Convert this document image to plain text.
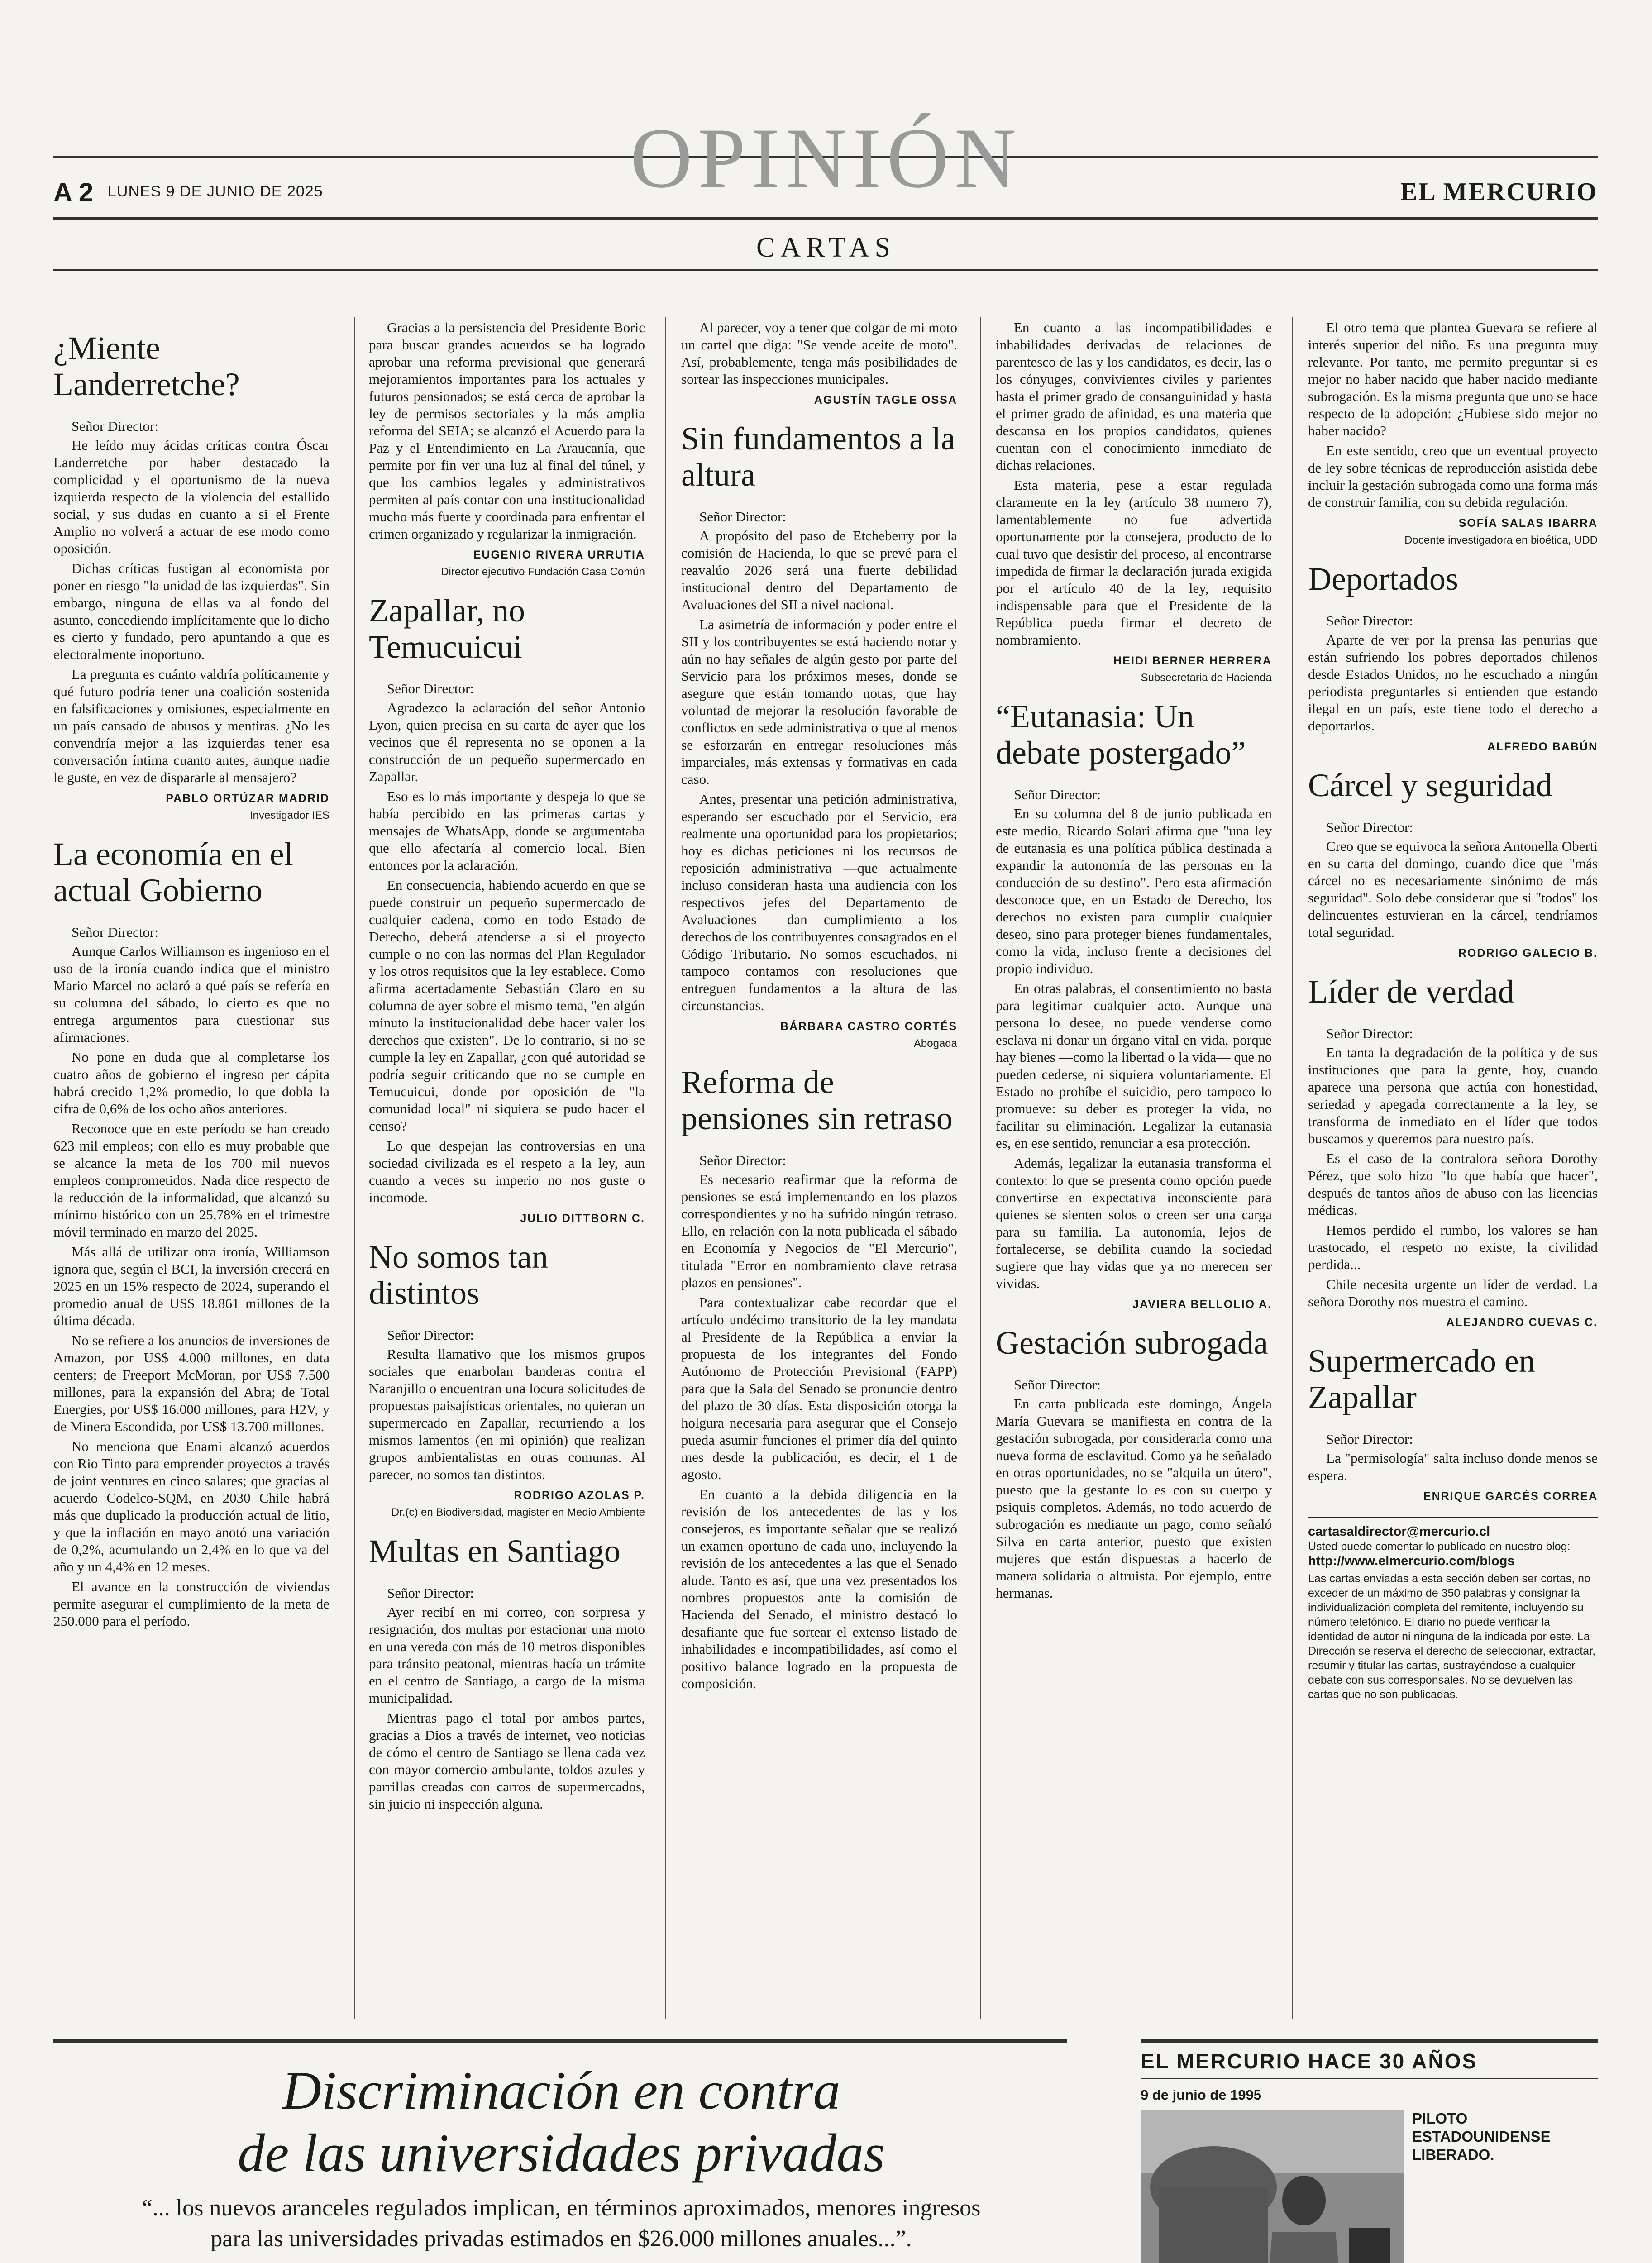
OPINIÓN
A 2 LUNES 9 DE JUNIO DE 2025	EL MERCURIO
CARTAS
¿Miente Landerretche?

Señor Director:

He leído muy ácidas críticas contra Óscar Landerretche por haber destacado la complicidad y el oportunismo de la nueva izquierda respecto de la violencia del estallido social, y sus dudas en cuanto a si el Frente Amplio no volverá a actuar de ese modo como oposición.

Dichas críticas fustigan al economista por poner en riesgo "la unidad de las izquierdas". Sin embargo, ninguna de ellas va al fondo del asunto, concediendo implícitamente que lo dicho es cierto y fundado, pero apuntando a que es electoralmente inoportuno.

La pregunta es cuánto valdría políticamente y qué futuro podría tener una coalición sostenida en falsificaciones y omisiones, especialmente en un país cansado de abusos y mentiras. ¿No les convendría mejor a las izquierdas tener esa conversación íntima cuanto antes, aunque nadie le guste, en vez de dispararle al mensajero?

PABLO ORTÚZAR MADRID
Investigador IES
La economía en el actual Gobierno

Señor Director:

Aunque Carlos Williamson es ingenioso en el uso de la ironía cuando indica que el ministro Mario Marcel no aclaró a qué país se refería en su columna del sábado, lo cierto es que no entrega argumentos para cuestionar sus afirmaciones.

No pone en duda que al completarse los cuatro años de gobierno el ingreso per cápita habrá crecido 1,2% promedio, lo que dobla la cifra de 0,6% de los ocho años anteriores.

Reconoce que en este período se han creado 623 mil empleos; con ello es muy probable que se alcance la meta de los 700 mil nuevos empleos comprometidos. Nada dice respecto de la reducción de la informalidad, que alcanzó su mínimo histórico con un 25,78% en el trimestre móvil terminado en marzo del 2025.

Más allá de utilizar otra ironía, Williamson ignora que, según el BCI, la inversión crecerá en 2025 en un 15% respecto de 2024, superando el promedio anual de US$ 18.861 millones de la última década.

No se refiere a los anuncios de inversiones de Amazon, por US$ 4.000 millones, en data centers; de Freeport McMoran, por US$ 7.500 millones, para la expansión del Abra; de Total Energies, por US$ 16.000 millones, para H2V, y de Minera Escondida, por US$ 13.700 millones.

No menciona que Enami alcanzó acuerdos con Rio Tinto para emprender proyectos a través de joint ventures en cinco salares; que gracias al acuerdo Codelco-SQM, en 2030 Chile habrá más que duplicado la producción actual de litio, y que la inflación en mayo anotó una variación de 0,2%, acumulando un 2,4% en lo que va del año y un 4,4% en 12 meses.

El avance en la construcción de viviendas permite asegurar el cumplimiento de la meta de 250.000 para el período.

Gracias a la persistencia del Presidente Boric para buscar grandes acuerdos se ha logrado aprobar una reforma previsional que generará mejoramientos importantes para los actuales y futuros pensionados; se está cerca de aprobar la ley de permisos sectoriales y la más amplia reforma del SEIA; se alcanzó el Acuerdo para la Paz y el Entendimiento en La Araucanía, que permite por fin ver una luz al final del túnel, y que los cambios legales y administrativos permiten al país contar con una institucionalidad mucho más fuerte y coordinada para enfrentar el crimen organizado y regularizar la inmigración.

EUGENIO RIVERA URRUTIA
Director ejecutivo Fundación Casa Común
Zapallar, no Temucuicui

Señor Director:

Agradezco la aclaración del señor Antonio Lyon, quien precisa en su carta de ayer que los vecinos que él representa no se oponen a la construcción de un pequeño supermercado en Zapallar.

Eso es lo más importante y despeja lo que se había percibido en las primeras cartas y mensajes de WhatsApp, donde se argumentaba que ello afectaría al comercio local. Bien entonces por la aclaración.

En consecuencia, habiendo acuerdo en que se puede construir un pequeño supermercado de cualquier cadena, como en todo Estado de Derecho, deberá atenderse a si el proyecto cumple o no con las normas del Plan Regulador y los otros requisitos que la ley establece. Como afirma acertadamente Sebastián Claro en su columna de ayer sobre el mismo tema, "en algún minuto la institucionalidad debe hacer valer los derechos que existen". De lo contrario, si no se cumple la ley en Zapallar, ¿con qué autoridad se podría seguir criticando que no se cumple en Temucuicui, donde por oposición de "la comunidad local" ni siquiera se pudo hacer el censo?

Lo que despejan las controversias en una sociedad civilizada es el respeto a la ley, aun cuando a veces su imperio no nos guste o incomode.

JULIO DITTBORN C.
No somos tan distintos

Señor Director:

Resulta llamativo que los mismos grupos sociales que enarbolan banderas contra el Naranjillo o encuentran una locura solicitudes de propuestas paisajísticas orientales, no quieran un supermercado en Zapallar, recurriendo a los mismos lamentos (en mi opinión) que realizan grupos ambientalistas en otras comunas. Al parecer, no somos tan distintos.

RODRIGO AZOLAS P.
Dr.(c) en Biodiversidad, magister en Medio Ambiente
Multas en Santiago

Señor Director:

Ayer recibí en mi correo, con sorpresa y resignación, dos multas por estacionar una moto en una vereda con más de 10 metros disponibles para tránsito peatonal, mientras hacía un trámite en el centro de Santiago, a cargo de la misma municipalidad.

Mientras pago el total por ambos partes, gracias a Dios a través de internet, veo noticias de cómo el centro de Santiago se llena cada vez con mayor comercio ambulante, toldos azules y parrillas creadas con carros de supermercados, sin juicio ni inspección alguna.

Al parecer, voy a tener que colgar de mi moto un cartel que diga: "Se vende aceite de moto". Así, probablemente, tenga más posibilidades de sortear las inspecciones municipales.

AGUSTÍN TAGLE OSSA
Sin fundamentos a la altura

Señor Director:

A propósito del paso de Etcheberry por la comisión de Hacienda, lo que se prevé para el reavalúo 2026 será una fuerte debilidad institucional dentro del Departamento de Avaluaciones del SII a nivel nacional.

La asimetría de información y poder entre el SII y los contribuyentes se está haciendo notar y aún no hay señales de algún gesto por parte del Servicio para los próximos meses, donde se asegure que están tomando notas, que hay voluntad de mejorar la resolución favorable de conflictos en sede administrativa o que al menos se esforzarán en entregar resoluciones más imparciales, más extensas y formativas en cada caso.

Antes, presentar una petición administrativa, esperando ser escuchado por el Servicio, era realmente una oportunidad para los propietarios; hoy es dichas peticiones ni los recursos de reposición administrativa —que actualmente incluso consideran hasta una audiencia con los respectivos jefes del Departamento de Avaluaciones— dan cumplimiento a los derechos de los contribuyentes consagrados en el Código Tributario. No somos escuchados, ni tampoco contamos con resoluciones que entreguen fundamentos a la altura de las circunstancias.

BÁRBARA CASTRO CORTÉS
Abogada
Reforma de pensiones sin retraso

Señor Director:

Es necesario reafirmar que la reforma de pensiones se está implementando en los plazos correspondientes y no ha sufrido ningún retraso. Ello, en relación con la nota publicada el sábado en Economía y Negocios de "El Mercurio", titulada "Error en nombramiento clave retrasa plazos en pensiones".

Para contextualizar cabe recordar que el artículo undécimo transitorio de la ley mandata al Presidente de la República a enviar la propuesta de los integrantes del Fondo Autónomo de Protección Previsional (FAPP) para que la Sala del Senado se pronuncie dentro del plazo de 30 días. Esta disposición otorga la holgura necesaria para asegurar que el Consejo pueda asumir funciones el primer día del quinto mes desde la publicación, es decir, el 1 de agosto.

En cuanto a la debida diligencia en la revisión de los antecedentes de las y los consejeros, es importante señalar que se realizó un examen oportuno de cada uno, incluyendo la revisión de los antecedentes a las que el Senado alude. Tanto es así, que una vez presentados los nombres propuestos ante la comisión de Hacienda del Senado, el ministro destacó lo desafiante que fue sortear el extenso listado de inhabilidades e incompatibilidades, así como el positivo balance logrado en la propuesta de composición.

En cuanto a las incompatibilidades e inhabilidades derivadas de relaciones de parentesco de las y los candidatos, es decir, las o los cónyuges, convivientes civiles y parientes hasta el primer grado de consanguinidad y hasta el primer grado de afinidad, es una materia que descansa en los propios candidatos, quienes cuentan con el conocimiento inmediato de dichas relaciones.

Esta materia, pese a estar regulada claramente en la ley (artículo 38 numero 7), lamentablemente no fue advertida oportunamente por la consejera, producto de lo cual tuvo que desistir del proceso, al encontrarse impedida de firmar la declaración jurada exigida por el artículo 40 de la ley, requisito indispensable para que el Presidente de la República pueda firmar el decreto de nombramiento.

HEIDI BERNER HERRERA
Subsecretaria de Hacienda
“Eutanasia: Un debate postergado”

Señor Director:

En su columna del 8 de junio publicada en este medio, Ricardo Solari afirma que "una ley de eutanasia es una política pública destinada a expandir la autonomía de las personas en la conducción de su destino". Pero esta afirmación desconoce que, en un Estado de Derecho, los derechos no existen para cumplir cualquier deseo, sino para proteger bienes fundamentales, como la vida, incluso frente a decisiones del propio individuo.

En otras palabras, el consentimiento no basta para legitimar cualquier acto. Aunque una persona lo desee, no puede venderse como esclava ni donar un órgano vital en vida, porque hay bienes —como la libertad o la vida— que no pueden cederse, ni siquiera voluntariamente. El Estado no prohíbe el suicidio, pero tampoco lo promueve: su deber es proteger la vida, no facilitar su eliminación. Legalizar la eutanasia es, en ese sentido, renunciar a esa protección.

Además, legalizar la eutanasia transforma el contexto: lo que se presenta como opción puede convertirse en expectativa inconsciente para quienes se sienten solos o creen ser una carga para su familia. La autonomía, lejos de fortalecerse, se debilita cuando la sociedad sugiere que hay vidas que ya no merecen ser vividas.

JAVIERA BELLOLIO A.
Gestación subrogada

Señor Director:

En carta publicada este domingo, Ángela María Guevara se manifiesta en contra de la gestación subrogada, por considerarla como una nueva forma de esclavitud. Como ya he señalado en otras oportunidades, no se "alquila un útero", puesto que la gestante lo es con su cuerpo y psiquis completos. Además, no todo acuerdo de subrogación es mediante un pago, como señaló Silva en carta anterior, puesto que existen mujeres que están dispuestas a hacerlo de manera solidaria o altruista. Por ejemplo, entre hermanas.

El otro tema que plantea Guevara se refiere al interés superior del niño. Es una pregunta muy relevante. Por tanto, me permito preguntar si es mejor no haber nacido que haber nacido mediante subrogación. Es la misma pregunta que uno se hace respecto de la adopción: ¿Hubiese sido mejor no haber nacido?

En este sentido, creo que un eventual proyecto de ley sobre técnicas de reproducción asistida debe incluir la gestación subrogada como una forma más de construir familia, con su debida regulación.

SOFÍA SALAS IBARRA
Docente investigadora en bioética, UDD
Deportados

Señor Director:

Aparte de ver por la prensa las penurias que están sufriendo los pobres deportados chilenos desde Estados Unidos, no he escuchado a ningún periodista preguntarles si entienden que estando ilegal en un país, este tiene todo el derecho a deportarlos.

ALFREDO BABÚN
Cárcel y seguridad

Señor Director:

Creo que se equivoca la señora Antonella Oberti en su carta del domingo, cuando dice que "más cárcel no es necesariamente sinónimo de más seguridad". Solo debe considerar que si "todos" los delincuentes estuvieran en la cárcel, tendríamos total seguridad.

RODRIGO GALECIO B.
Líder de verdad

Señor Director:

En tanta la degradación de la política y de sus instituciones que para la gente, hoy, cuando aparece una persona que actúa con honestidad, seriedad y apegada correctamente a la ley, se transforma de inmediato en el líder que todos buscamos y queremos para nuestro país.

Es el caso de la contralora señora Dorothy Pérez, que solo hizo "lo que había que hacer", después de tantos años de abuso con las licencias médicas.

Hemos perdido el rumbo, los valores se han trastocado, el respeto no existe, la civilidad perdida...

Chile necesita urgente un líder de verdad. La señora Dorothy nos muestra el camino.

ALEJANDRO CUEVAS C.
Supermercado en Zapallar

Señor Director:

La "permisología" salta incluso donde menos se espera.

ENRIQUE GARCÉS CORREA
cartasaldirector@mercurio.cl
Usted puede comentar lo publicado en nuestro blog:
http://www.elmercurio.com/blogs
Las cartas enviadas a esta sección deben ser cortas, no exceder de un máximo de 350 palabras y consignar la individualización completa del remitente, incluyendo su número telefónico. El diario no puede verificar la identidad de autor ni ninguna de la indicada por este. La Dirección se reserva el derecho de seleccionar, extractar, resumir y titular las cartas, sustrayéndose a cualquier debate con sus corresponsales. No se devuelven las cartas que no son publicadas.
Discriminación en contra
de las universidades privadas
“... los nuevos aranceles regulados implican, en términos aproximados, menores ingresos para las universidades privadas estimados en $26.000 millones anuales...”.

EL MERCURIO HACE 30 AÑOS
9 de junio de 1995
PILOTO ESTADOUNIDENSE LIBERADO.
